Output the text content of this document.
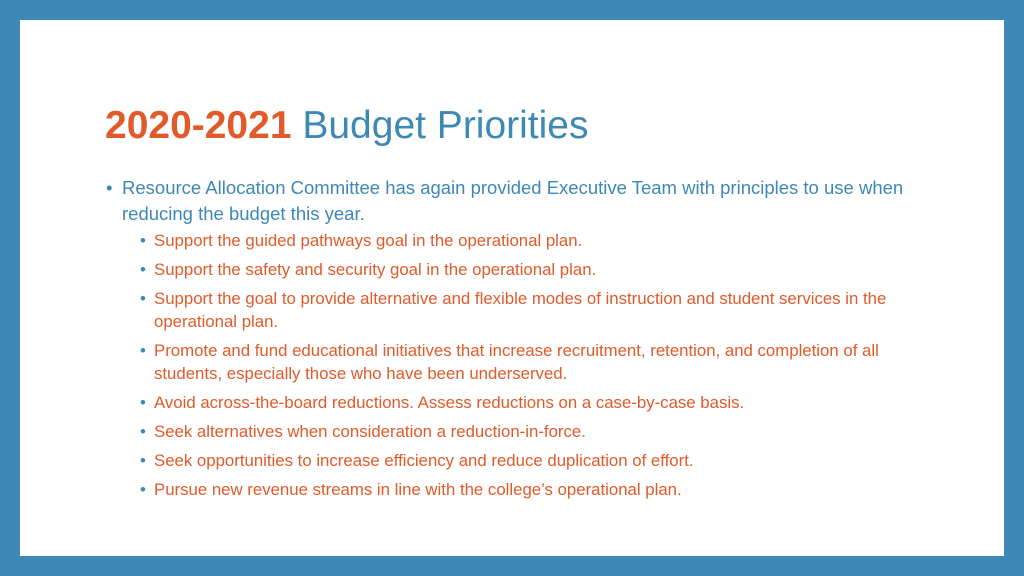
2020-2021 Budget Priorities
• Resource Allocation Committee has again provided Executive Team with principles to use when reducing the budget this year.
• Support the guided pathways goal in the operational plan.
• Support the safety and security goal in the operational plan.
• Support the goal to provide alternative and flexible modes of instruction and student services in the operational plan.
• Promote and fund educational initiatives that increase recruitment, retention, and completion of all students, especially those who have been underserved.
• Avoid across-the-board reductions. Assess reductions on a case-by-case basis.
• Seek alternatives when consideration a reduction-in-force.
• Seek opportunities to increase efficiency and reduce duplication of effort.
• Pursue new revenue streams in line with the college’s operational plan.
